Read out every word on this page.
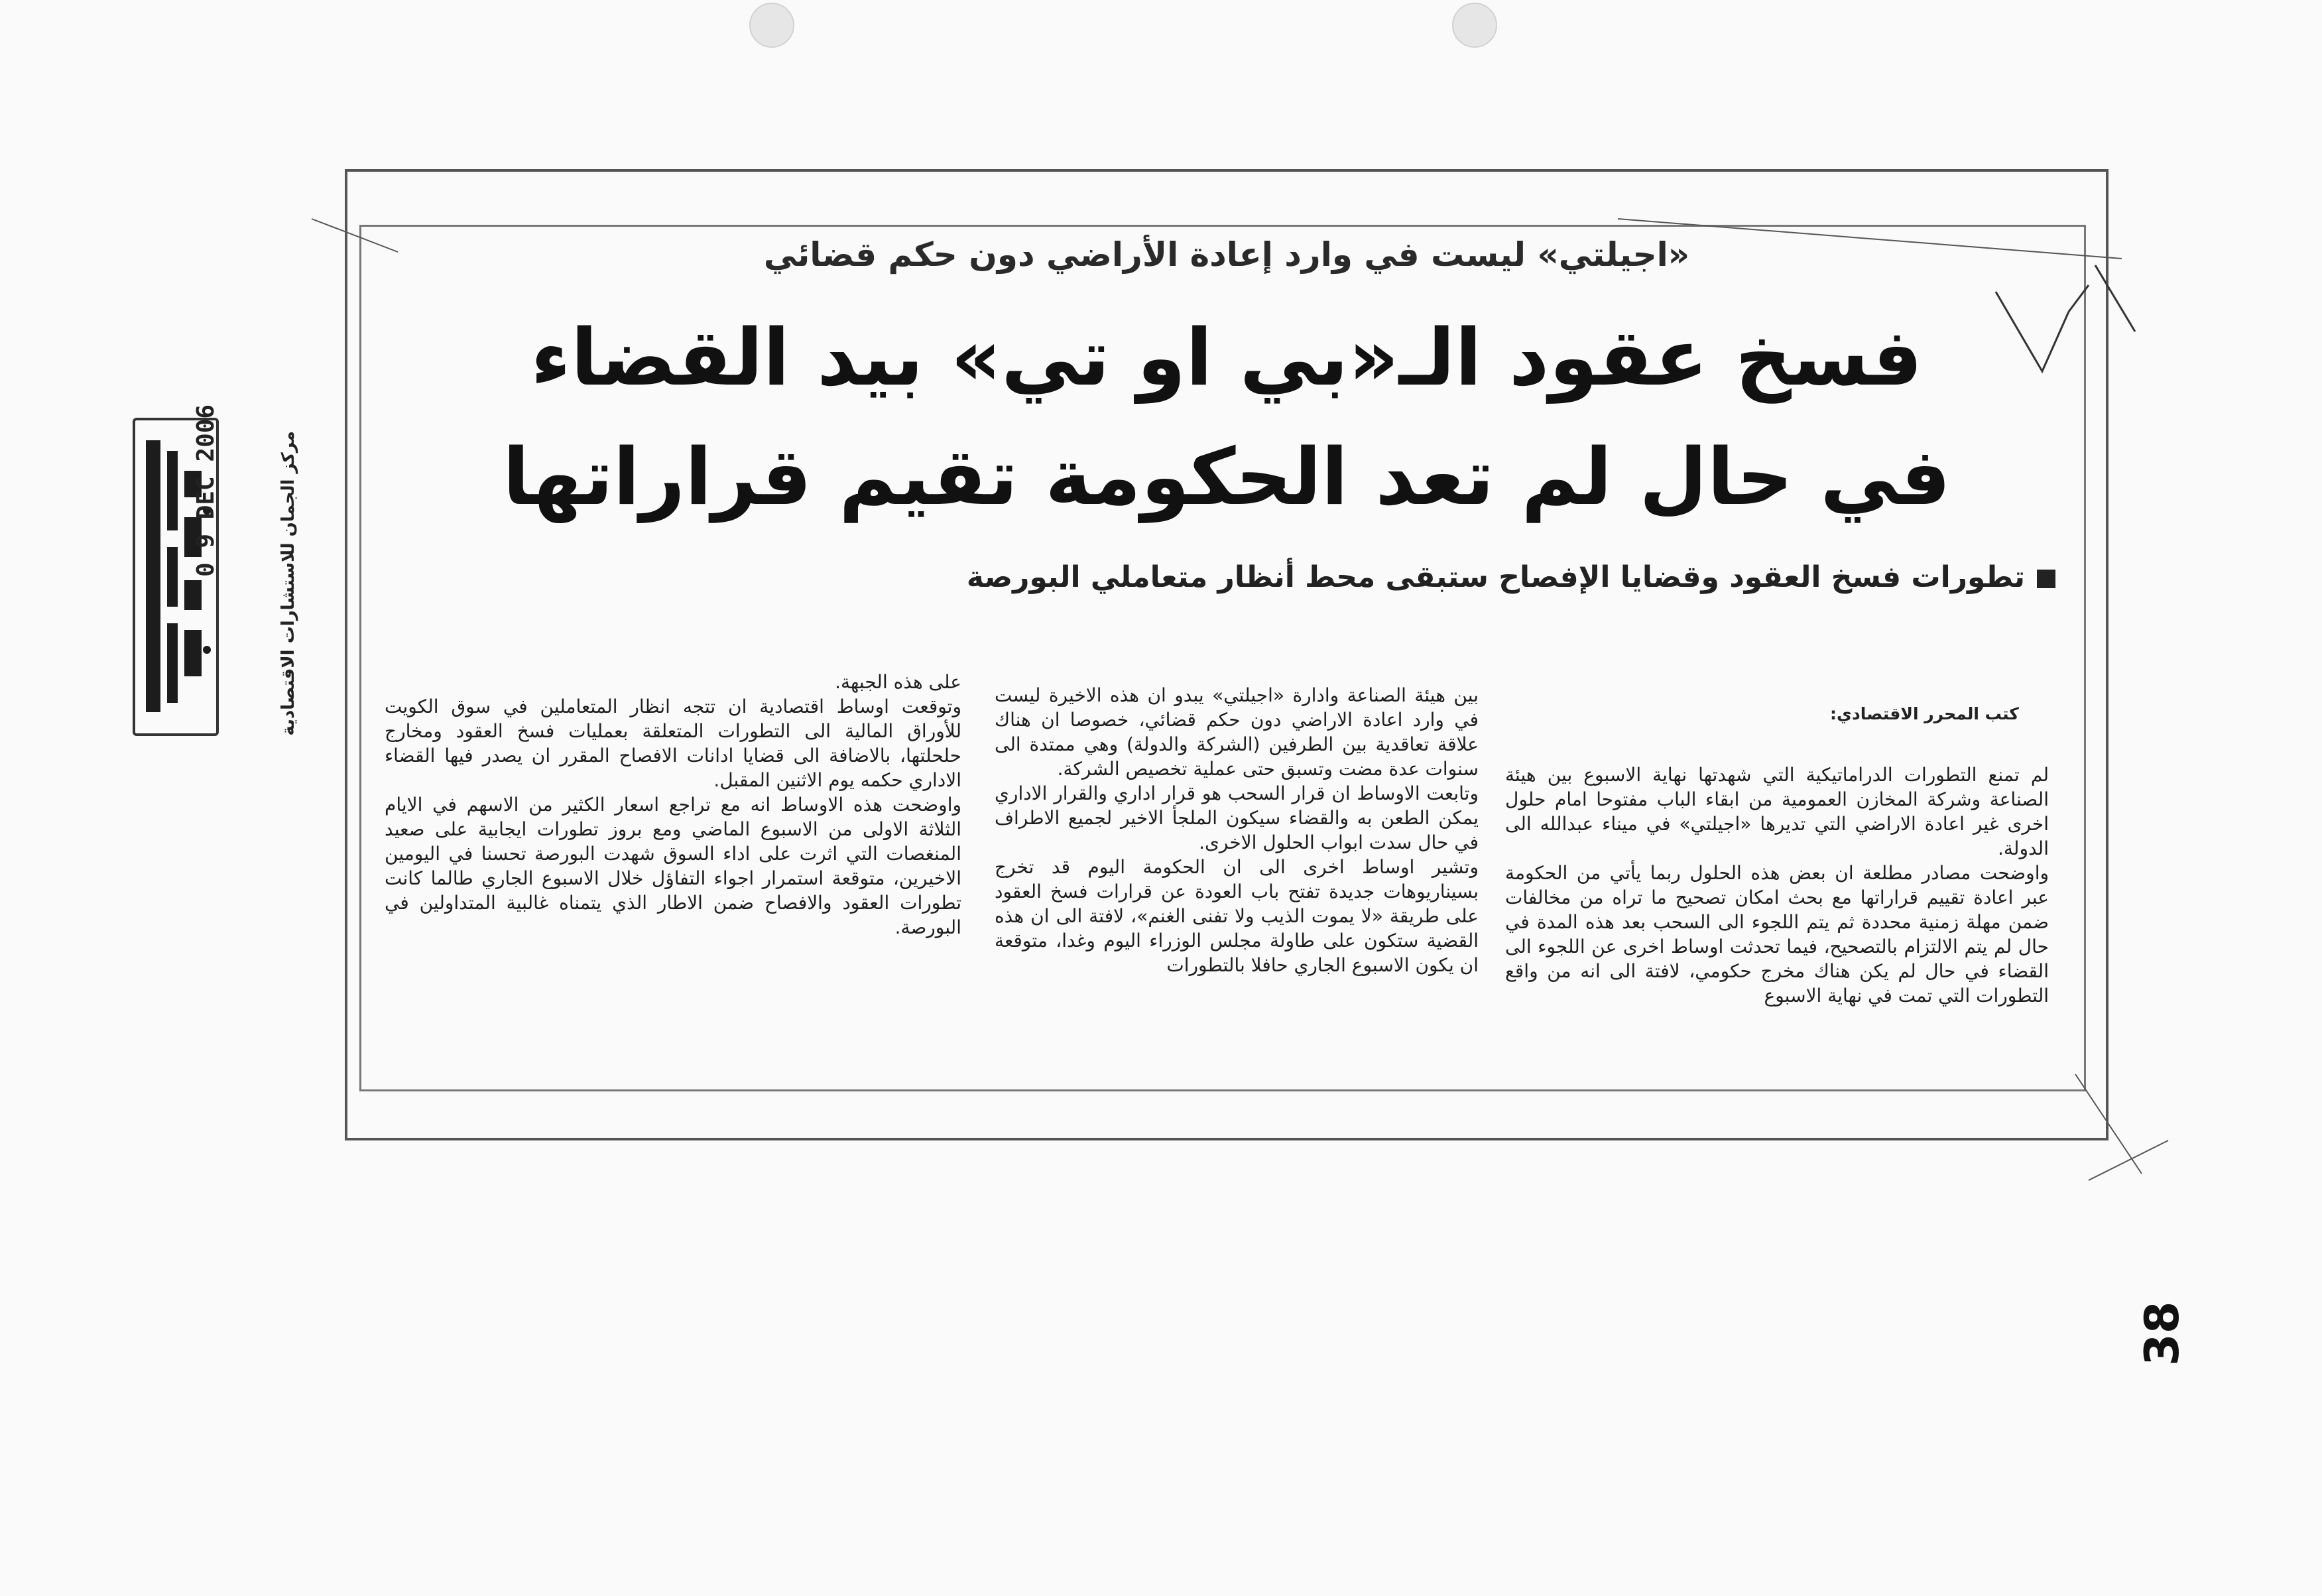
0 9 DEC 2006	مركز الجمان للاستشارات الاقتصادية
«اجيلتي» ليست في وارد إعادة الأراضي دون حكم قضائي
فسخ عقود الـ«بي او تي» بيد القضاء
في حال لم تعد الحكومة تقيم قراراتها
تطورات فسخ العقود وقضايا الإفصاح ستبقى محط أنظار متعاملي البورصة
كتب المحرر الاقتصادي:

لم تمنع التطورات الدراماتيكية التي شهدتها نهاية الاسبوع بين هيئة الصناعة وشركة المخازن العمومية من ابقاء الباب مفتوحا امام حلول اخرى غير اعادة الاراضي التي تديرها «اجيلتي» في ميناء عبدالله الى الدولة.

واوضحت مصادر مطلعة ان بعض هذه الحلول ربما يأتي من الحكومة عبر اعادة تقييم قراراتها مع بحث امكان تصحيح ما تراه من مخالفات ضمن مهلة زمنية محددة ثم يتم اللجوء الى السحب بعد هذه المدة في حال لم يتم الالتزام بالتصحيح، فيما تحدثت اوساط اخرى عن اللجوء الى القضاء في حال لم يكن هناك مخرج حكومي، لافتة الى انه من واقع التطورات التي تمت في نهاية الاسبوع

بين هيئة الصناعة وادارة «اجيلتي» يبدو ان هذه الاخيرة ليست في وارد اعادة الاراضي دون حكم قضائي، خصوصا ان هناك علاقة تعاقدية بين الطرفين (الشركة والدولة) وهي ممتدة الى سنوات عدة مضت وتسبق حتى عملية تخصيص الشركة.

وتابعت الاوساط ان قرار السحب هو قرار اداري والقرار الاداري يمكن الطعن به والقضاء سيكون الملجأ الاخير لجميع الاطراف في حال سدت ابواب الحلول الاخرى.

وتشير اوساط اخرى الى ان الحكومة اليوم قد تخرج بسيناريوهات جديدة تفتح باب العودة عن قرارات فسخ العقود على طريقة «لا يموت الذيب ولا تفنى الغنم»، لافتة الى ان هذه القضية ستكون على طاولة مجلس الوزراء اليوم وغدا، متوقعة ان يكون الاسبوع الجاري حافلا بالتطورات

على هذه الجبهة.

وتوقعت اوساط اقتصادية ان تتجه انظار المتعاملين في سوق الكويت للأوراق المالية الى التطورات المتعلقة بعمليات فسخ العقود ومخارج حلحلتها، بالاضافة الى قضايا ادانات الافصاح المقرر ان يصدر فيها القضاء الاداري حكمه يوم الاثنين المقبل.

واوضحت هذه الاوساط انه مع تراجع اسعار الكثير من الاسهم في الايام الثلاثة الاولى من الاسبوع الماضي ومع بروز تطورات ايجابية على صعيد المنغصات التي اثرت على اداء السوق شهدت البورصة تحسنا في اليومين الاخيرين، متوقعة استمرار اجواء التفاؤل خلال الاسبوع الجاري طالما كانت تطورات العقود والافصاح ضمن الاطار الذي يتمناه غالبية المتداولين في البورصة.

38
